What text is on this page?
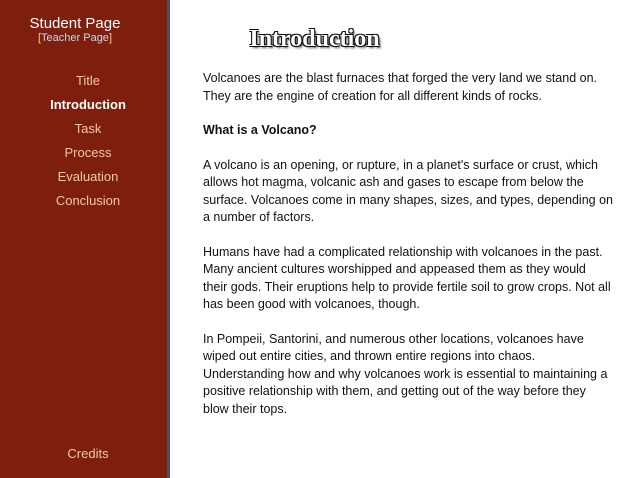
Student Page
[Teacher Page]
Title
Introduction
Task
Process
Evaluation
Conclusion
Credits
Introduction

Volcanoes are the blast furnaces that forged the very land we stand on. They are the engine of creation for all different kinds of rocks.

What is a Volcano?

A volcano is an opening, or rupture, in a planet's surface or crust, which allows hot magma, volcanic ash and gases to escape from below the surface. Volcanoes come in many shapes, sizes, and types, depending on a number of factors.

Humans have had a complicated relationship with volcanoes in the past. Many ancient cultures worshipped and appeased them as they would their gods. Their eruptions help to provide fertile soil to grow crops. Not all has been good with volcanoes, though.

In Pompeii, Santorini, and numerous other locations, volcanoes have wiped out entire cities, and thrown entire regions into chaos. Understanding how and why volcanoes work is essential to maintaining a positive relationship with them, and getting out of the way before they blow their tops.
